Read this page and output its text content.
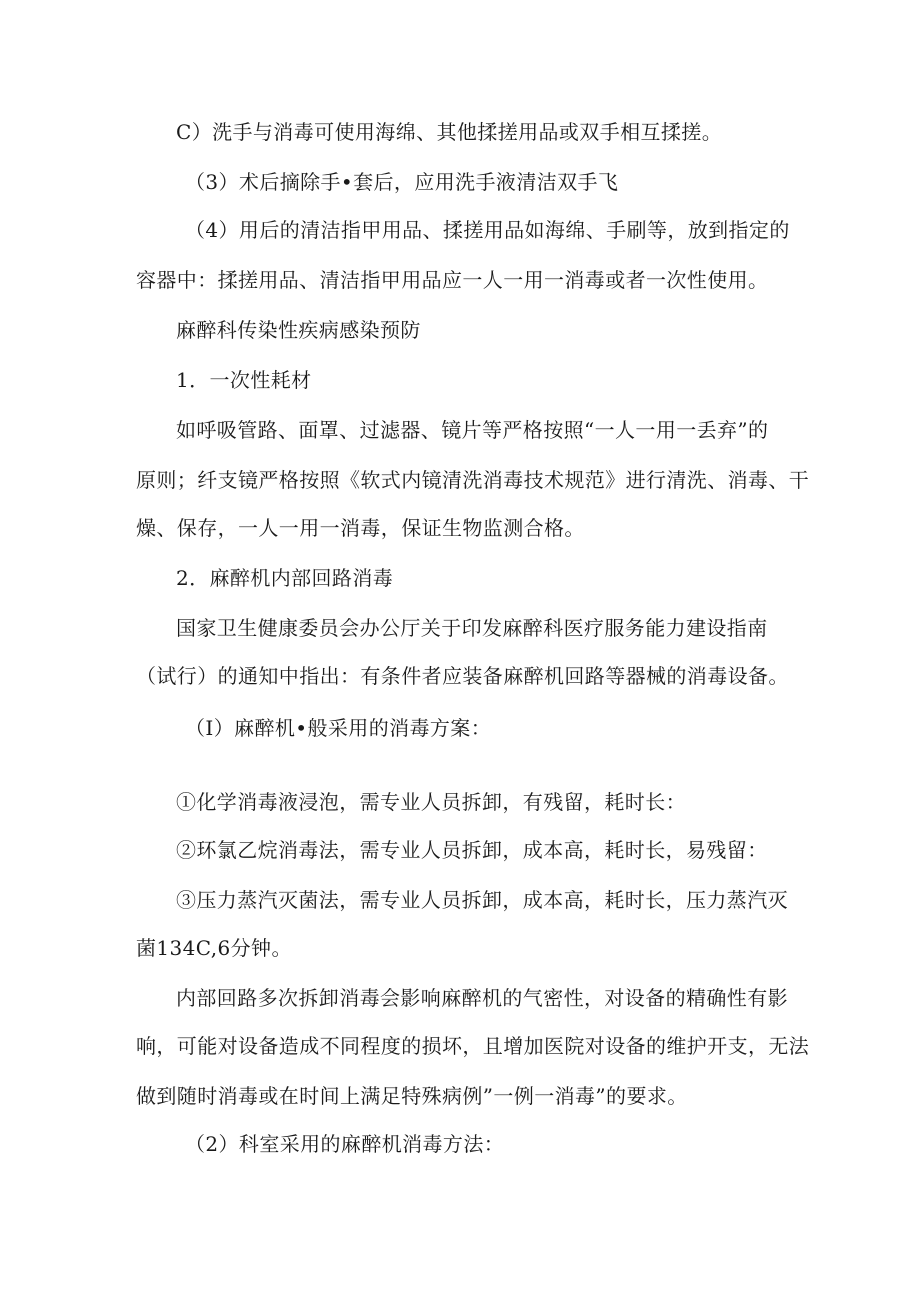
C）洗手与消毒可使用海绵、其他揉搓用品或双手相互揉搓。
（3）术后摘除手•套后，应用洗手液清洁双手飞
（4）用后的清洁指甲用品、揉搓用品如海绵、手刷等，放到指定的
容器中：揉搓用品、清洁指甲用品应一人一用一消毒或者一次性使用。
麻醉科传染性疾病感染预防
1．一次性耗材
如呼吸管路、面罩、过滤器、镜片等严格按照“一人一用一丢弃”的
原则；纤支镜严格按照《软式内镜清洗消毒技术规范》进行清洗、消毒、干
燥、保存，一人一用一消毒，保证生物监测合格。
2．麻醉机内部回路消毒
国家卫生健康委员会办公厅关于印发麻醉科医疗服务能力建设指南
（试行）的通知中指出：有条件者应装备麻醉机回路等器械的消毒设备。
（I）麻醉机•般采用的消毒方案：
①化学消毒液浸泡，需专业人员拆卸，有残留，耗时长：
②环氯乙烷消毒法，需专业人员拆卸，成本高，耗时长，易残留：
③压力蒸汽灭菌法，需专业人员拆卸，成本高，耗时长，压力蒸汽灭
菌134C,6分钟。
内部回路多次拆卸消毒会影响麻醉机的气密性，对设备的精确性有影
响，可能对设备造成不同程度的损坏，且增加医院对设备的维护开支，无法
做到随时消毒或在时间上满足特殊病例”一例一消毒”的要求。
（2）科室采用的麻醉机消毒方法：
